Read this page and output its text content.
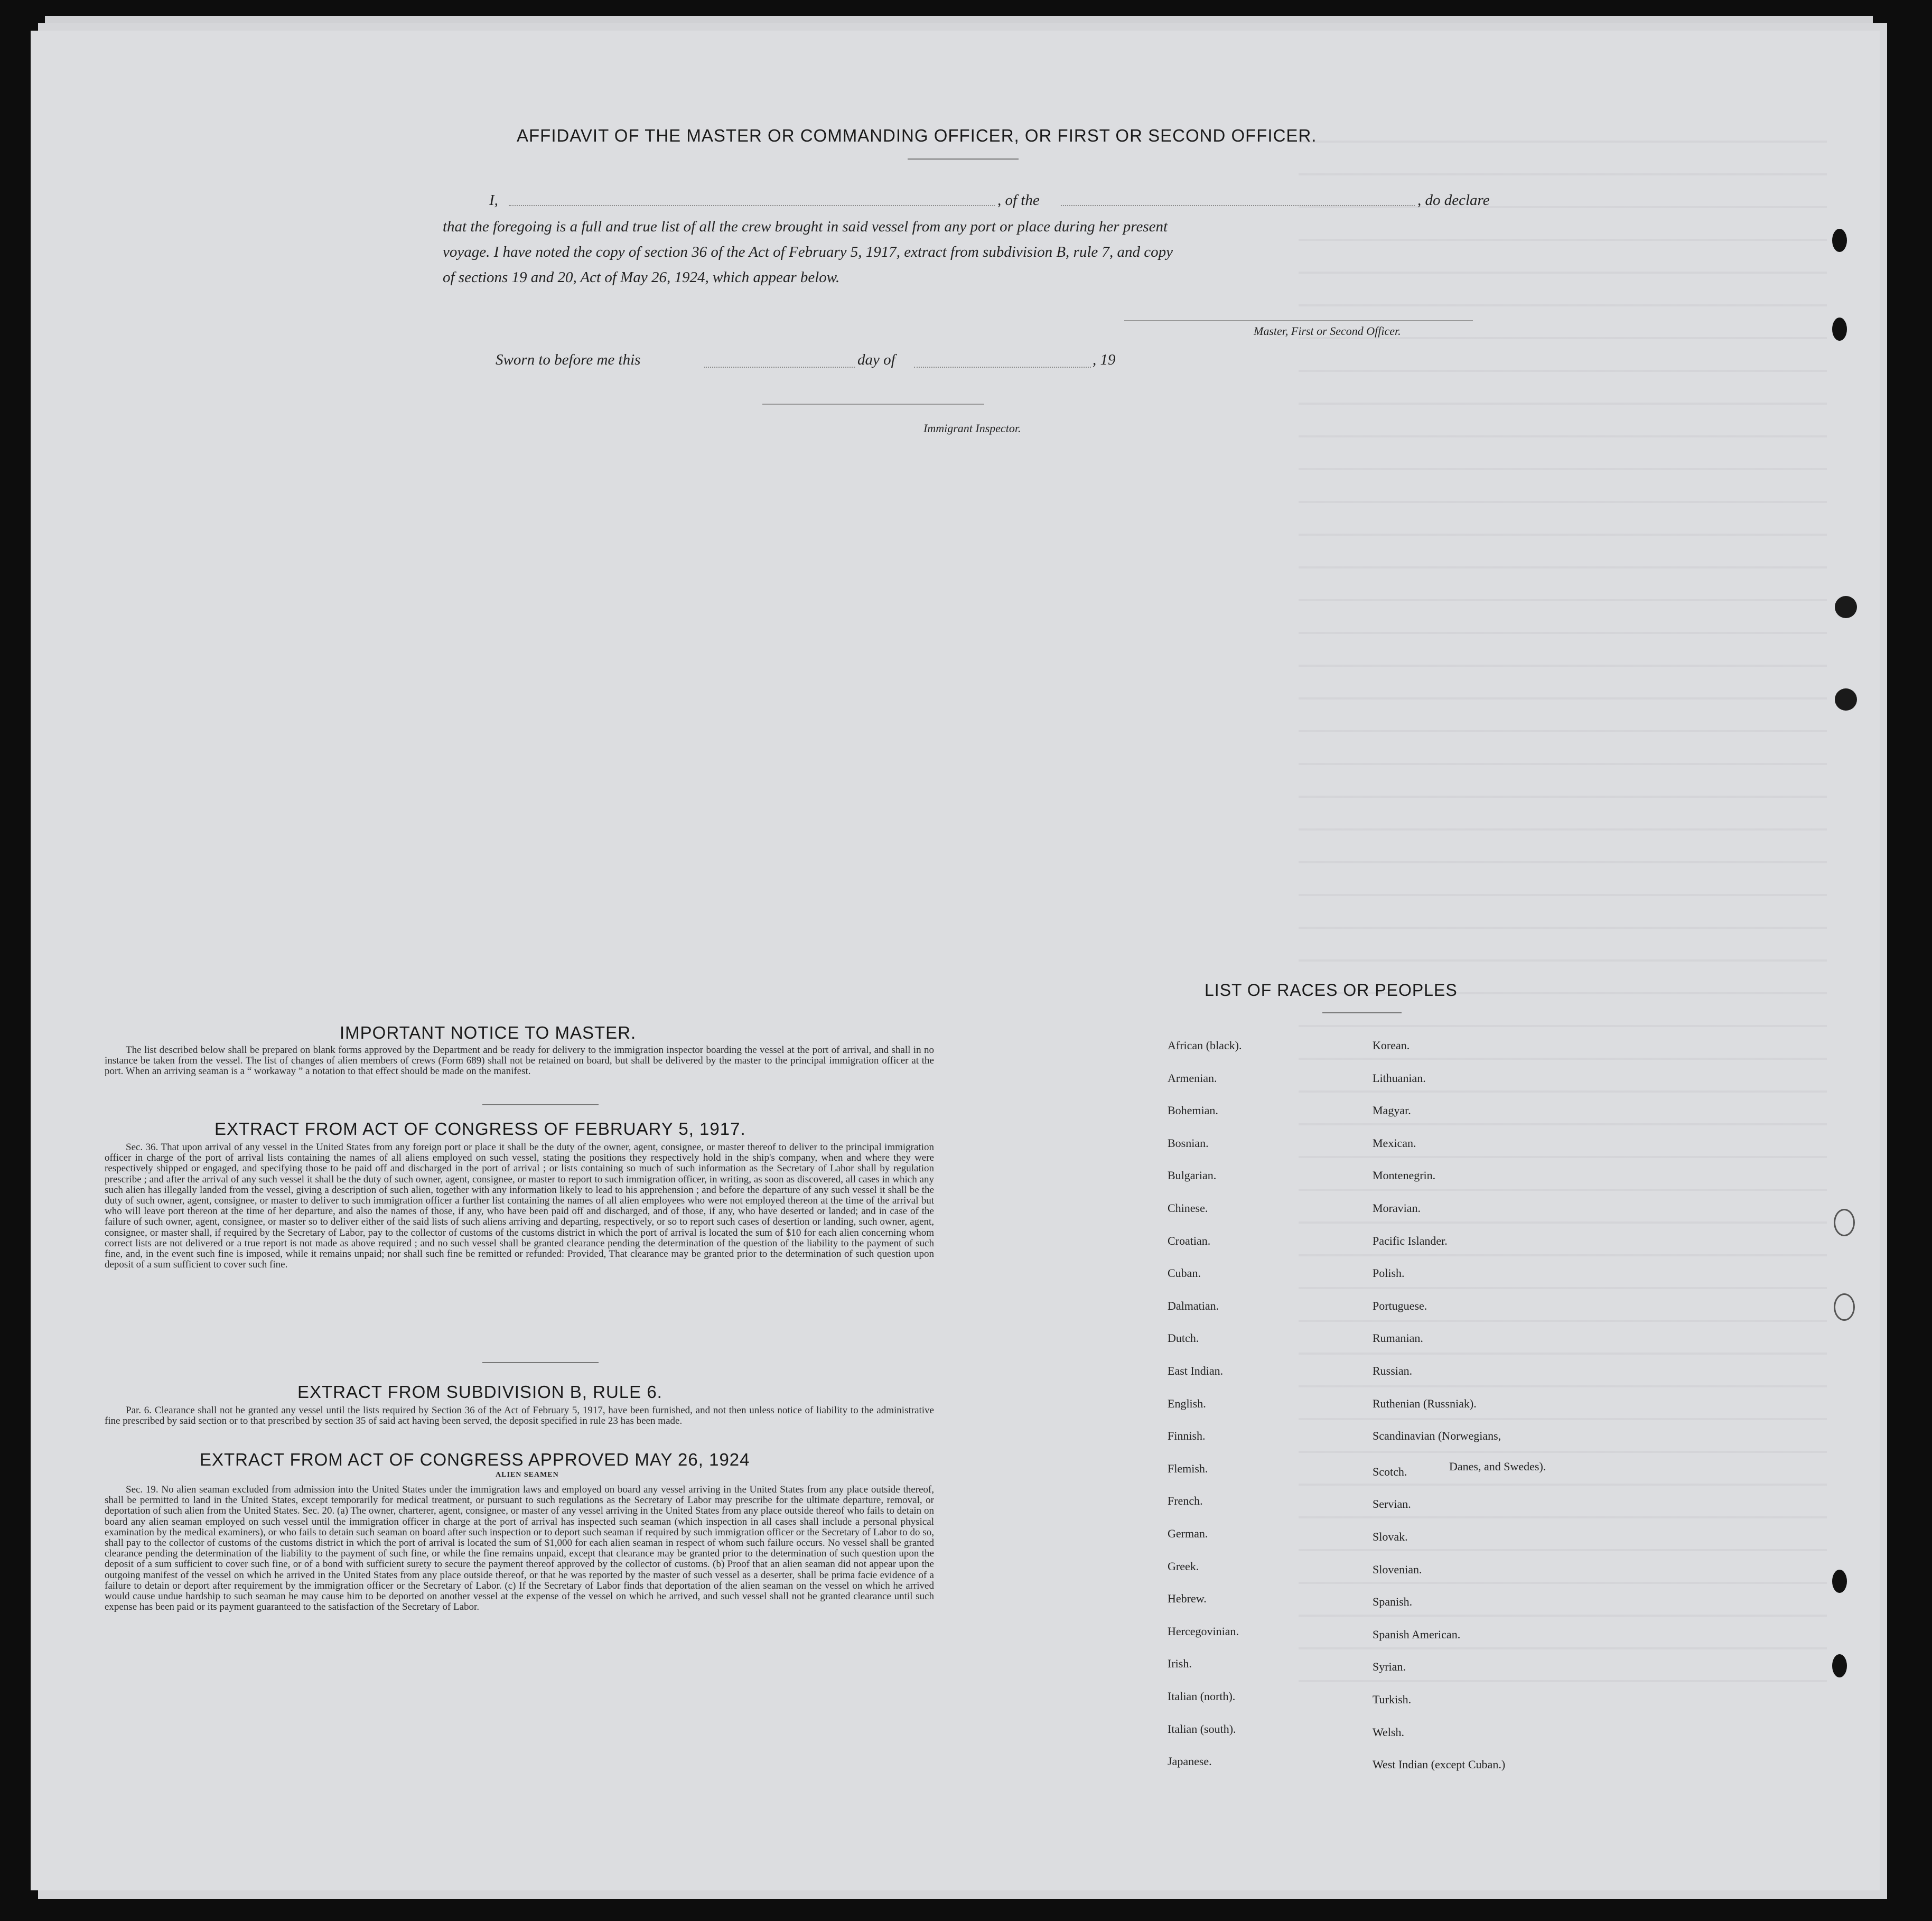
AFFIDAVIT OF THE MASTER OR COMMANDING OFFICER, OR FIRST OR SECOND OFFICER.
I,	, of the	, do declare
that the foregoing is a full and true list of all the crew brought in said vessel from any port or place during her present
voyage. I have noted the copy of section 36 of the Act of February 5, 1917, extract from subdivision B, rule 7, and copy
of sections 19 and 20, Act of May 26, 1924, which appear below.
Master, First or Second Officer.
Sworn to before me this	day of	, 19
Immigrant Inspector.
IMPORTANT NOTICE TO MASTER.
The list described below shall be prepared on blank forms approved by the Department and be ready for delivery to the immigration inspector boarding the vessel at the port of arrival, and shall in no instance be taken from the vessel. The list of changes of alien members of crews (Form 689) shall not be retained on board, but shall be delivered by the master to the principal immigration officer at the port. When an arriving seaman is a “ workaway ” a notation to that effect should be made on the manifest.
EXTRACT FROM ACT OF CONGRESS OF FEBRUARY 5, 1917.
Sec. 36. That upon arrival of any vessel in the United States from any foreign port or place it shall be the duty of the owner, agent, consignee, or master thereof to deliver to the principal immigration officer in charge of the port of arrival lists containing the names of all aliens employed on such vessel, stating the positions they respectively hold in the ship's company, when and where they were respectively shipped or engaged, and specifying those to be paid off and discharged in the port of arrival ; or lists containing so much of such information as the Secretary of Labor shall by regulation prescribe ; and after the arrival of any such vessel it shall be the duty of such owner, agent, consignee, or master to report to such immigration officer, in writing, as soon as discovered, all cases in which any such alien has illegally landed from the vessel, giving a description of such alien, together with any information likely to lead to his apprehension ; and before the departure of any such vessel it shall be the duty of such owner, agent, consignee, or master to deliver to such immigration officer a further list containing the names of all alien employees who were not employed thereon at the time of the arrival but who will leave port thereon at the time of her departure, and also the names of those, if any, who have been paid off and discharged, and of those, if any, who have deserted or landed; and in case of the failure of such owner, agent, consignee, or master so to deliver either of the said lists of such aliens arriving and departing, respectively, or so to report such cases of desertion or landing, such owner, agent, consignee, or master shall, if required by the Secretary of Labor, pay to the collector of customs of the customs district in which the port of arrival is located the sum of $10 for each alien concerning whom correct lists are not delivered or a true report is not made as above required ; and no such vessel shall be granted clearance pending the determination of the question of the liability to the payment of such fine, and, in the event such fine is imposed, while it remains unpaid; nor shall such fine be remitted or refunded: Provided, That clearance may be granted prior to the determination of such question upon deposit of a sum sufficient to cover such fine.
EXTRACT FROM SUBDIVISION B, RULE 6.
Par. 6. Clearance shall not be granted any vessel until the lists required by Section 36 of the Act of February 5, 1917, have been furnished, and not then unless notice of liability to the administrative fine prescribed by said section or to that prescribed by section 35 of said act having been served, the deposit specified in rule 23 has been made.
EXTRACT FROM ACT OF CONGRESS APPROVED MAY 26, 1924
ALIEN SEAMEN
Sec. 19. No alien seaman excluded from admission into the United States under the immigration laws and employed on board any vessel arriving in the United States from any place outside thereof, shall be permitted to land in the United States, except temporarily for medical treatment, or pursuant to such regulations as the Secretary of Labor may prescribe for the ultimate departure, removal, or deportation of such alien from the United States. Sec. 20. (a) The owner, charterer, agent, consignee, or master of any vessel arriving in the United States from any place outside thereof who fails to detain on board any alien seaman employed on such vessel until the immigration officer in charge at the port of arrival has inspected such seaman (which inspection in all cases shall include a personal physical examination by the medical examiners), or who fails to detain such seaman on board after such inspection or to deport such seaman if required by such immigration officer or the Secretary of Labor to do so, shall pay to the collector of customs of the customs district in which the port of arrival is located the sum of $1,000 for each alien seaman in respect of whom such failure occurs. No vessel shall be granted clearance pending the determination of the liability to the payment of such fine, or while the fine remains unpaid, except that clearance may be granted prior to the determination of such question upon the deposit of a sum sufficient to cover such fine, or of a bond with sufficient surety to secure the payment thereof approved by the collector of customs. (b) Proof that an alien seaman did not appear upon the outgoing manifest of the vessel on which he arrived in the United States from any place outside thereof, or that he was reported by the master of such vessel as a deserter, shall be prima facie evidence of a failure to detain or deport after requirement by the immigration officer or the Secretary of Labor. (c) If the Secretary of Labor finds that deportation of the alien seaman on the vessel on which he arrived would cause undue hardship to such seaman he may cause him to be deported on another vessel at the expense of the vessel on which he arrived, and such vessel shall not be granted clearance until such expense has been paid or its payment guaranteed to the satisfaction of the Secretary of Labor.
LIST OF RACES OR PEOPLES
African (black).
Armenian.
Bohemian.
Bosnian.
Bulgarian.
Chinese.
Croatian.
Cuban.
Dalmatian.
Dutch.
East Indian.
English.
Finnish.
Flemish.
French.
German.
Greek.
Hebrew.
Hercegovinian.
Irish.
Italian (north).
Italian (south).
Japanese.
Korean.
Lithuanian.
Magyar.
Mexican.
Montenegrin.
Moravian.
Pacific Islander.
Polish.
Portuguese.
Rumanian.
Russian.
Ruthenian (Russniak).
Scandinavian (Norwegians,
Scotch.
Servian.
Slovak.
Slovenian.
Spanish.
Spanish American.
Syrian.
Turkish.
Welsh.
West Indian (except Cuban.)
Danes, and Swedes).
